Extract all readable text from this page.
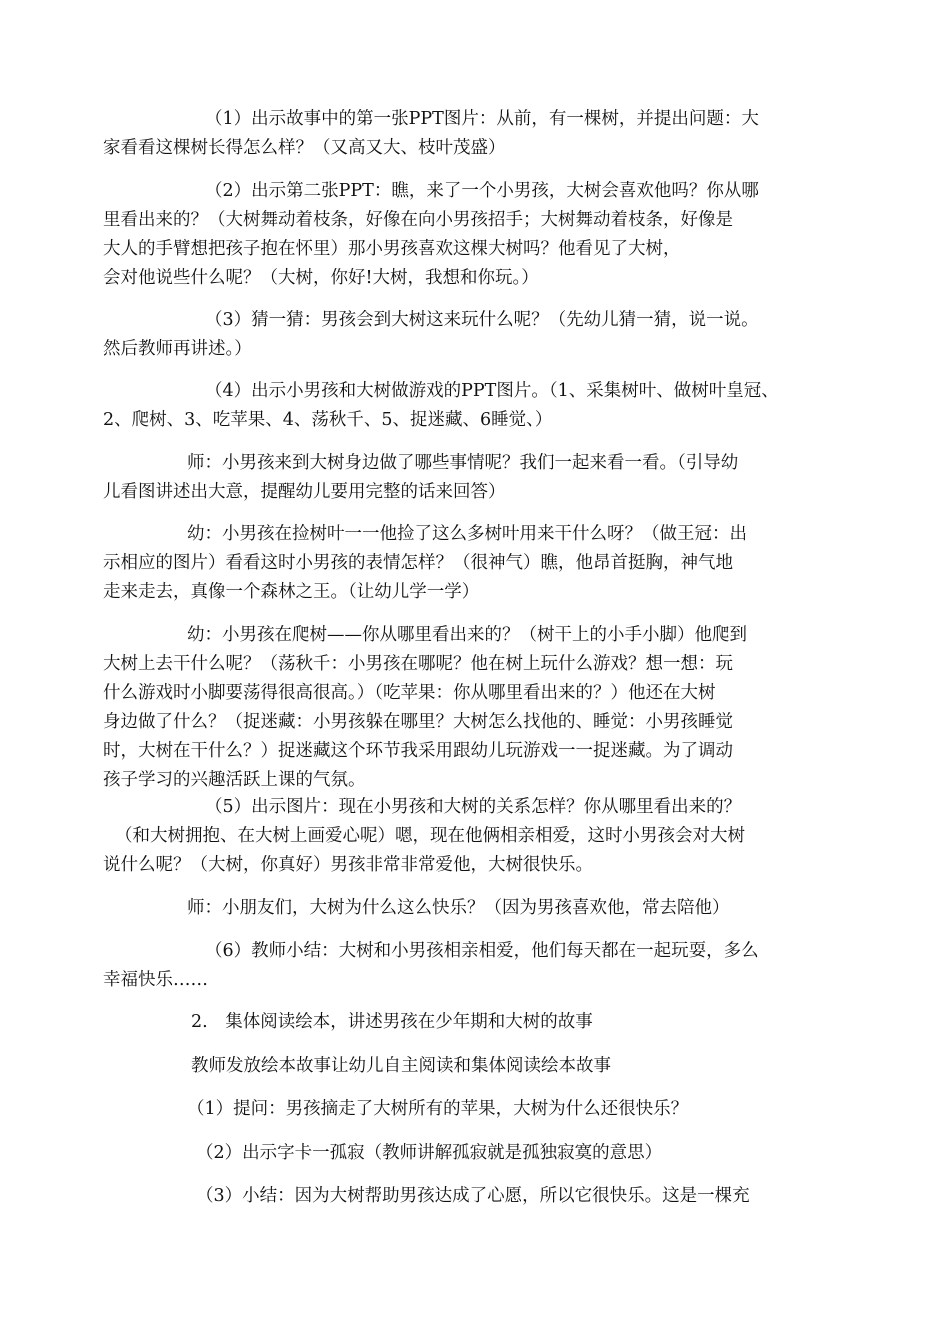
（1）出示故事中的第一张PPT图片：从前，有一棵树，并提出问题：大
家看看这棵树长得怎么样？（又高又大、枝叶茂盛）

（2）出示第二张PPT：瞧，来了一个小男孩，大树会喜欢他吗？你从哪
里看出来的？（大树舞动着枝条，好像在向小男孩招手；大树舞动着枝条，好像是
大人的手臂想把孩子抱在怀里）那小男孩喜欢这棵大树吗？他看见了大树，
会对他说些什么呢？（大树，你好!大树，我想和你玩。）

（3）猜一猜：男孩会到大树这来玩什么呢？（先幼儿猜一猜，说一说。
然后教师再讲述。）

（4）出示小男孩和大树做游戏的PPT图片。（1、采集树叶、做树叶皇冠、
2、爬树、3、吃苹果、4、荡秋千、5、捉迷藏、6睡觉、）

师：小男孩来到大树身边做了哪些事情呢？我们一起来看一看。（引导幼
儿看图讲述出大意，提醒幼儿要用完整的话来回答）

幼：小男孩在捡树叶一一他捡了这么多树叶用来干什么呀？（做王冠：出
示相应的图片）看看这时小男孩的表情怎样？（很神气）瞧，他昂首挺胸，神气地
走来走去，真像一个森林之王。（让幼儿学一学）

幼：小男孩在爬树——你从哪里看出来的？（树干上的小手小脚）他爬到
大树上去干什么呢？（荡秋千：小男孩在哪呢？他在树上玩什么游戏？想一想：玩
什么游戏时小脚要荡得很高很高。）（吃苹果：你从哪里看出来的？）他还在大树
身边做了什么？（捉迷藏：小男孩躲在哪里？大树怎么找他的、睡觉：小男孩睡觉
时，大树在干什么？）捉迷藏这个环节我采用跟幼儿玩游戏一一捉迷藏。为了调动
孩子学习的兴趣活跃上课的气氛。

（5）出示图片：现在小男孩和大树的关系怎样？你从哪里看出来的？
（和大树拥抱、在大树上画爱心呢）嗯，现在他俩相亲相爱，这时小男孩会对大树
说什么呢？（大树，你真好）男孩非常非常爱他，大树很快乐。

师：小朋友们，大树为什么这么快乐？（因为男孩喜欢他，常去陪他）

（6）教师小结：大树和小男孩相亲相爱，他们每天都在一起玩耍，多么
幸福快乐……

2.　集体阅读绘本，讲述男孩在少年期和大树的故事

教师发放绘本故事让幼儿自主阅读和集体阅读绘本故事

（1）提问：男孩摘走了大树所有的苹果，大树为什么还很快乐？

（2）出示字卡一孤寂（教师讲解孤寂就是孤独寂寞的意思）

（3）小结：因为大树帮助男孩达成了心愿，所以它很快乐。这是一棵充
